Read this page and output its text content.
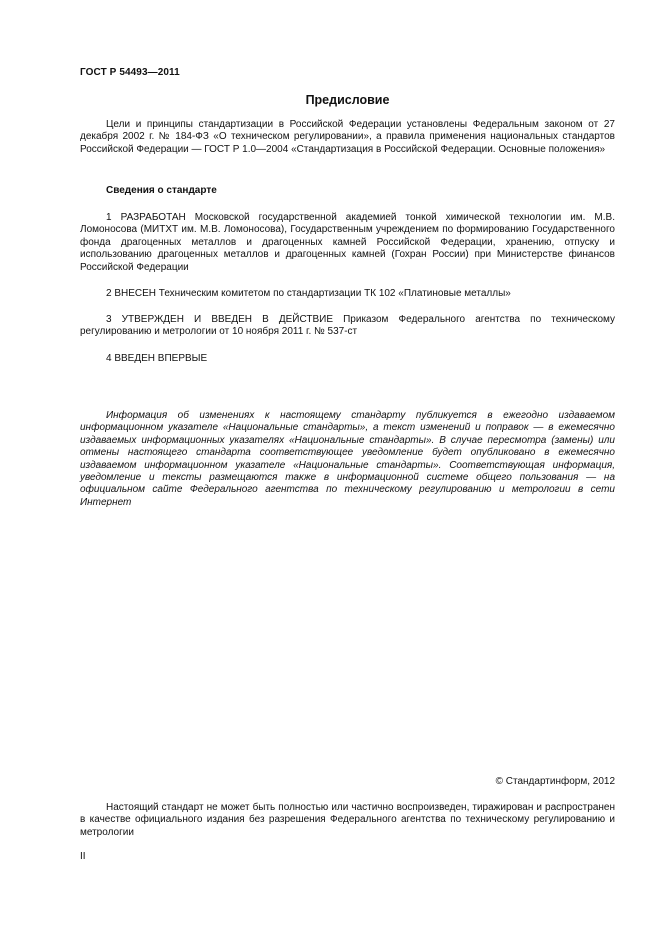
ГОСТ Р 54493—2011
Предисловие

Цели и принципы стандартизации в Российской Федерации установлены Федеральным законом от 27 декабря 2002 г. № 184-ФЗ «О техническом регулировании», а правила применения национальных стандартов Российской Федерации — ГОСТ Р 1.0—2004 «Стандартизация в Российской Федерации. Основные положения»

Сведения о стандарте

1 РАЗРАБОТАН Московской государственной академией тонкой химической технологии им. М.В. Ломоносова (МИТХТ им. М.В. Ломоносова), Государственным учреждением по формированию Государственного фонда драгоценных металлов и драгоценных камней Российской Федерации, хранению, отпуску и использованию драгоценных металлов и драгоценных камней (Гохран России) при Министерстве финансов Российской Федерации

2 ВНЕСЕН Техническим комитетом по стандартизации ТК 102 «Платиновые металлы»

3 УТВЕРЖДЕН И ВВЕДЕН В ДЕЙСТВИЕ Приказом Федерального агентства по техническому регулированию и метрологии от 10 ноября 2011 г. № 537-ст

4 ВВЕДЕН ВПЕРВЫЕ

Информация об изменениях к настоящему стандарту публикуется в ежегодно издаваемом информационном указателе «Национальные стандарты», а текст изменений и поправок — в ежемесячно издаваемых информационных указателях «Национальные стандарты». В случае пересмотра (замены) или отмены настоящего стандарта соответствующее уведомление будет опубликовано в ежемесячно издаваемом информационном указателе «Национальные стандарты». Соответствующая информация, уведомление и тексты размещаются также в информационной системе общего пользования — на официальном сайте Федерального агентства по техническому регулированию и метрологии в сети Интернет

© Стандартинформ, 2012

Настоящий стандарт не может быть полностью или частично воспроизведен, тиражирован и распространен в качестве официального издания без разрешения Федерального агентства по техническому регулированию и метрологии

II
